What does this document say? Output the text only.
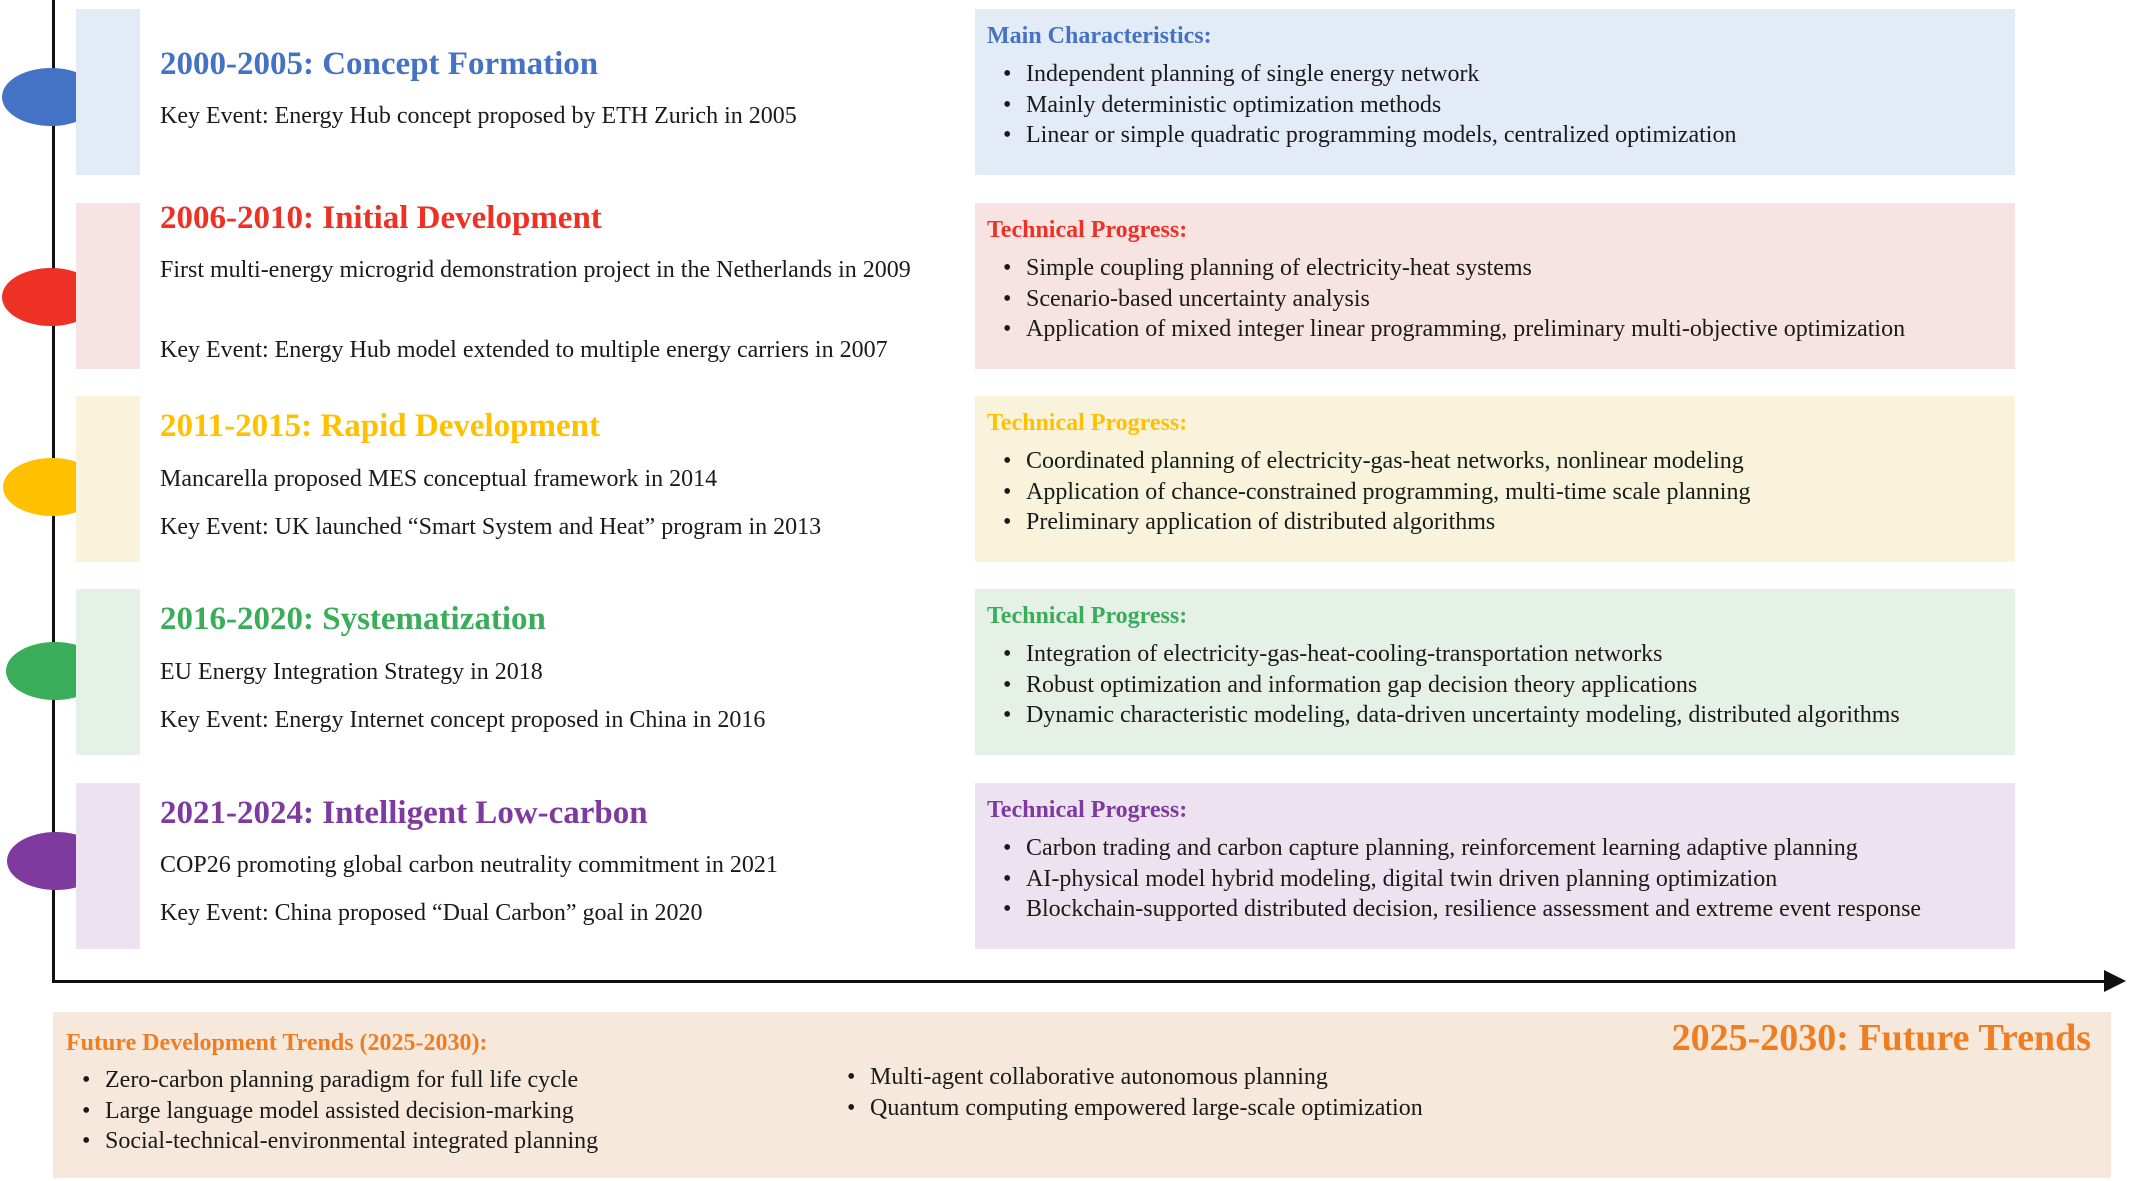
2000-2005: Concept Formation
Key Event: Energy Hub concept proposed by ETH Zurich in 2005
Main Characteristics:
• Independent planning of single energy network
• Mainly deterministic optimization methods
• Linear or simple quadratic programming models, centralized optimization
2006-2010: Initial Development
First multi-energy microgrid demonstration project in the Netherlands in 2009
Key Event: Energy Hub model extended to multiple energy carriers in 2007
Technical Progress:
• Simple coupling planning of electricity-heat systems
• Scenario-based uncertainty analysis
• Application of mixed integer linear programming, preliminary multi-objective optimization
2011-2015: Rapid Development
Mancarella proposed MES conceptual framework in 2014
Key Event: UK launched “Smart System and Heat” program in 2013
Technical Progress:
• Coordinated planning of electricity-gas-heat networks, nonlinear modeling
• Application of chance-constrained programming, multi-time scale planning
• Preliminary application of distributed algorithms
2016-2020: Systematization
EU Energy Integration Strategy in 2018
Key Event: Energy Internet concept proposed in China in 2016
Technical Progress:
• Integration of electricity-gas-heat-cooling-transportation networks
• Robust optimization and information gap decision theory applications
• Dynamic characteristic modeling, data-driven uncertainty modeling, distributed algorithms
2021-2024: Intelligent Low-carbon
COP26 promoting global carbon neutrality commitment in 2021
Key Event: China proposed “Dual Carbon” goal in 2020
Technical Progress:
• Carbon trading and carbon capture planning, reinforcement learning adaptive planning
• AI-physical model hybrid modeling, digital twin driven planning optimization
• Blockchain-supported distributed decision, resilience assessment and extreme event response
Future Development Trends (2025-2030):	2025-2030: Future Trends
• Zero-carbon planning paradigm for full life cycle
• Large language model assisted decision-marking
• Social-technical-environmental integrated planning
• Multi-agent collaborative autonomous planning
• Quantum computing empowered large-scale optimization
